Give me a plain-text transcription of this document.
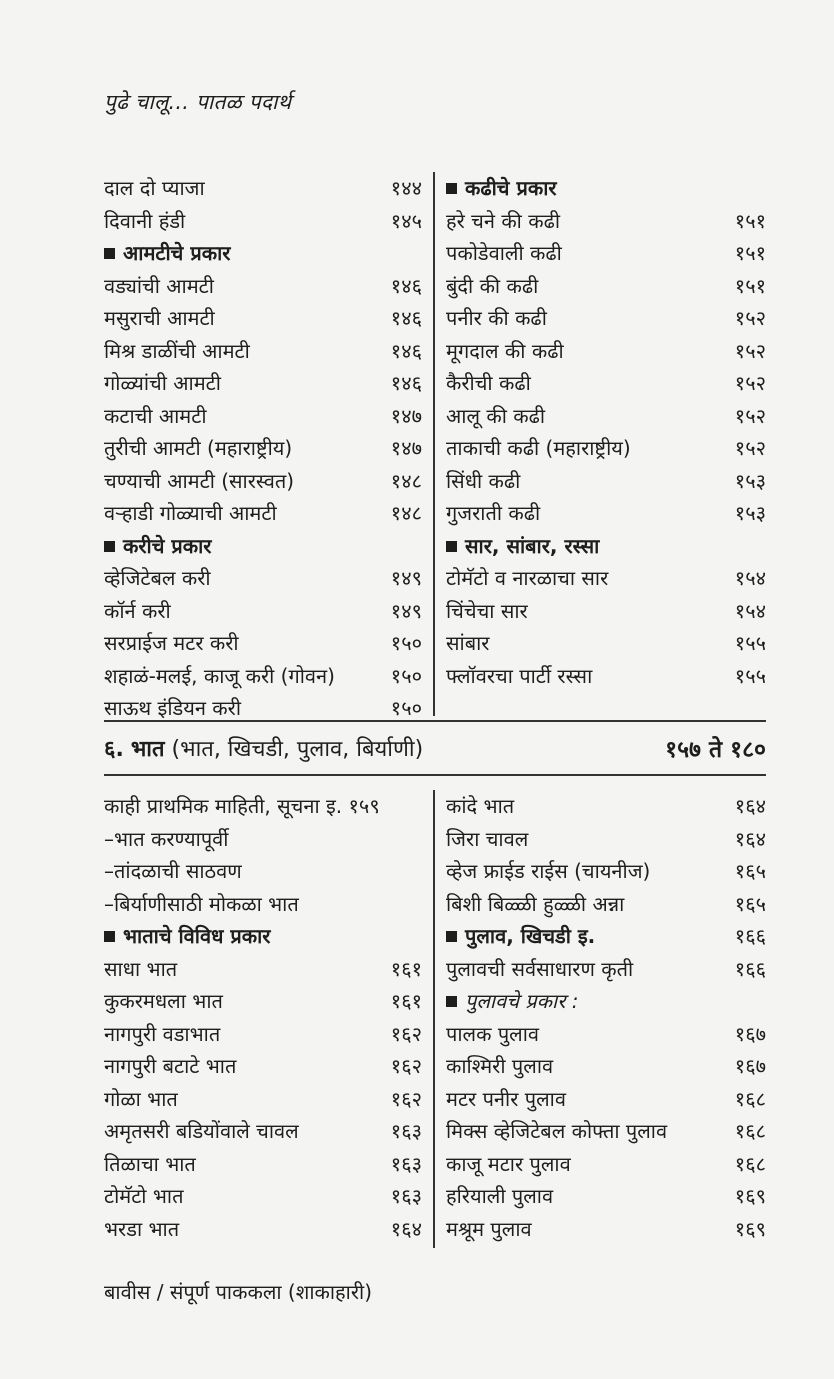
पुढे चालू... पातळ पदार्थ
दाल दो प्याजा	१४४
दिवानी हंडी	१४५
आमटीचे प्रकार
वड्यांची आमटी	१४६
मसुराची आमटी	१४६
मिश्र डाळींची आमटी	१४६
गोळ्यांची आमटी	१४६
कटाची आमटी	१४७
तुरीची आमटी (महाराष्ट्रीय)	१४७
चण्याची आमटी (सारस्वत)	१४८
वऱ्हाडी गोळ्याची आमटी	१४८
करीचे प्रकार
व्हेजिटेबल करी	१४९
कॉर्न करी	१४९
सरप्राईज मटर करी	१५०
शहाळं-मलई, काजू करी (गोवन)	१५०
साऊथ इंडियन करी	१५०
कढीचे प्रकार
हरे चने की कढी	१५१
पकोडेवाली कढी	१५१
बुंदी की कढी	१५१
पनीर की कढी	१५२
मूगदाल की कढी	१५२
कैरीची कढी	१५२
आलू की कढी	१५२
ताकाची कढी (महाराष्ट्रीय)	१५२
सिंधी कढी	१५३
गुजराती कढी	१५३
सार, सांबार, रस्सा
टोमॅटो व नारळाचा सार	१५४
चिंचेचा सार	१५४
सांबार	१५५
फ्लॉवरचा पार्टी रस्सा	१५५
६. भात (भात, खिचडी, पुलाव, बिर्याणी)	१५७ ते १८०
काही प्राथमिक माहिती, सूचना इ. १५९
–भात करण्यापूर्वी
–तांदळाची साठवण
–बिर्याणीसाठी मोकळा भात
भाताचे विविध प्रकार
साधा भात	१६१
कुकरमधला भात	१६१
नागपुरी वडाभात	१६२
नागपुरी बटाटे भात	१६२
गोळा भात	१६२
अमृतसरी बडियोंवाले चावल	१६३
तिळाचा भात	१६३
टोमॅटो भात	१६३
भरडा भात	१६४
कांदे भात	१६४
जिरा चावल	१६४
व्हेज फ्राईड राईस (चायनीज)	१६५
बिशी बिळ्ळी हुळ्ळी अन्ना	१६५
पुलाव, खिचडी इ.	१६६
पुलावची सर्वसाधारण कृती	१६६
पुलावचे प्रकार :
पालक पुलाव	१६७
काश्मिरी पुलाव	१६७
मटर पनीर पुलाव	१६८
मिक्स व्हेजिटेबल कोफ्ता पुलाव	१६८
काजू मटार पुलाव	१६८
हरियाली पुलाव	१६९
मश्रूम पुलाव	१६९
बावीस / संपूर्ण पाककला (शाकाहारी)
